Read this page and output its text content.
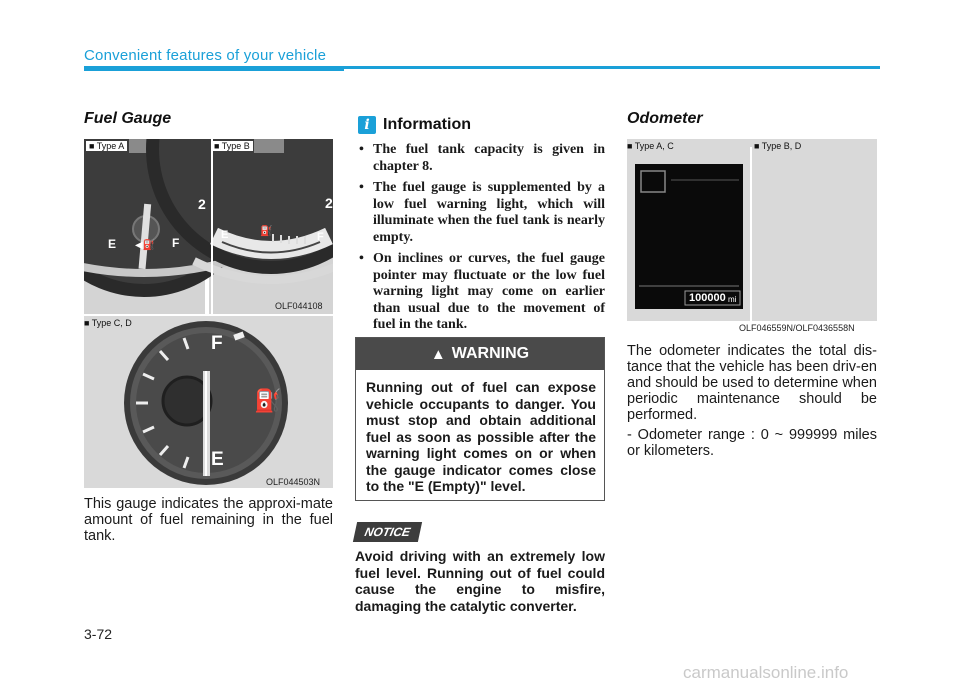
Convenient features of your vehicle
Fuel Gauge
■ Type A	■ Type B
E	F
2
◀⛽
E	F
2
⛽
OLF044108
■ Type C, D
F
E
⛽
OLF044503N
This gauge indicates the approxi-mate amount of fuel remaining in the fuel tank.
i Information
• The fuel tank capacity is given in chapter 8.
• The fuel gauge is supplemented by a low fuel warning light, which will illuminate when the fuel tank is nearly empty.
• On inclines or curves, the fuel gauge pointer may fluctuate or the low fuel warning light may come on earlier than usual due to the movement of fuel in the tank.
▲ WARNING
Running out of fuel can expose vehicle occupants to danger. You must stop and obtain additional fuel as soon as possible after the warning light comes on or when the gauge indicator comes close to the "E (Empty)" level.
NOTICE
Avoid driving with an extremely low fuel level. Running out of fuel could cause the engine to misfire, damaging the catalytic converter.
Odometer
■ Type A, C	■ Type B, D
100000 mi
OLF046559N/OLF0436558N
The odometer indicates the total dis-tance that the vehicle has been driv-en and should be used to determine when periodic maintenance should be performed.
- Odometer range : 0 ~ 999999 miles or kilometers.
3-72
carmanualsonline.info
